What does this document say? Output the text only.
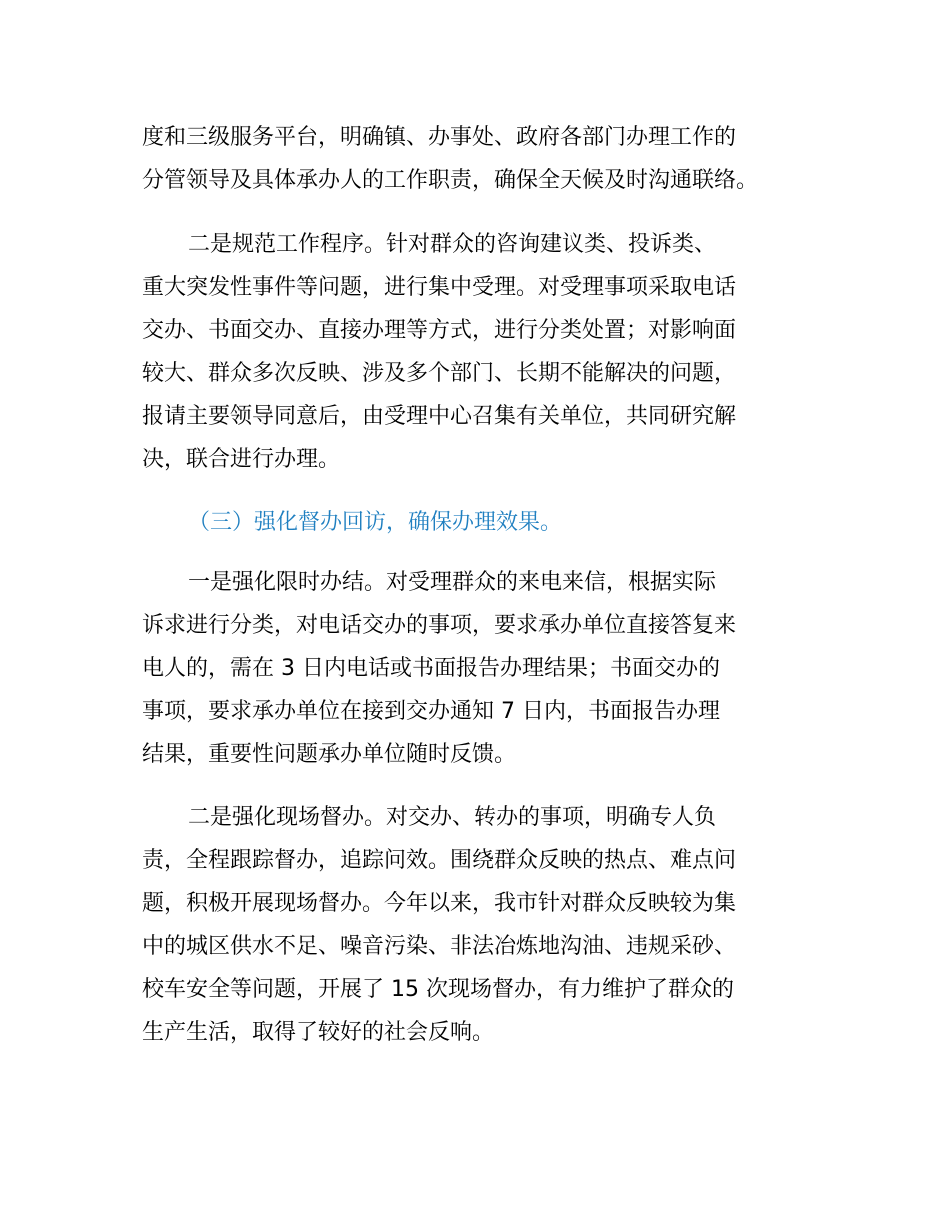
度和三级服务平台，明确镇、办事处、政府各部门办理工作的
分管领导及具体承办人的工作职责，确保全天候及时沟通联络。
二是规范工作程序。针对群众的咨询建议类、投诉类、
重大突发性事件等问题，进行集中受理。对受理事项采取电话
交办、书面交办、直接办理等方式，进行分类处置；对影响面
较大、群众多次反映、涉及多个部门、长期不能解决的问题，
报请主要领导同意后，由受理中心召集有关单位，共同研究解
决，联合进行办理。
（三）强化督办回访，确保办理效果。
一是强化限时办结。对受理群众的来电来信，根据实际
诉求进行分类，对电话交办的事项，要求承办单位直接答复来
电人的，需在 3 日内电话或书面报告办理结果；书面交办的
事项，要求承办单位在接到交办通知 7 日内，书面报告办理
结果，重要性问题承办单位随时反馈。
二是强化现场督办。对交办、转办的事项，明确专人负
责，全程跟踪督办，追踪问效。围绕群众反映的热点、难点问
题，积极开展现场督办。今年以来，我市针对群众反映较为集
中的城区供水不足、噪音污染、非法冶炼地沟油、违规采砂、
校车安全等问题，开展了 15 次现场督办，有力维护了群众的
生产生活，取得了较好的社会反响。
